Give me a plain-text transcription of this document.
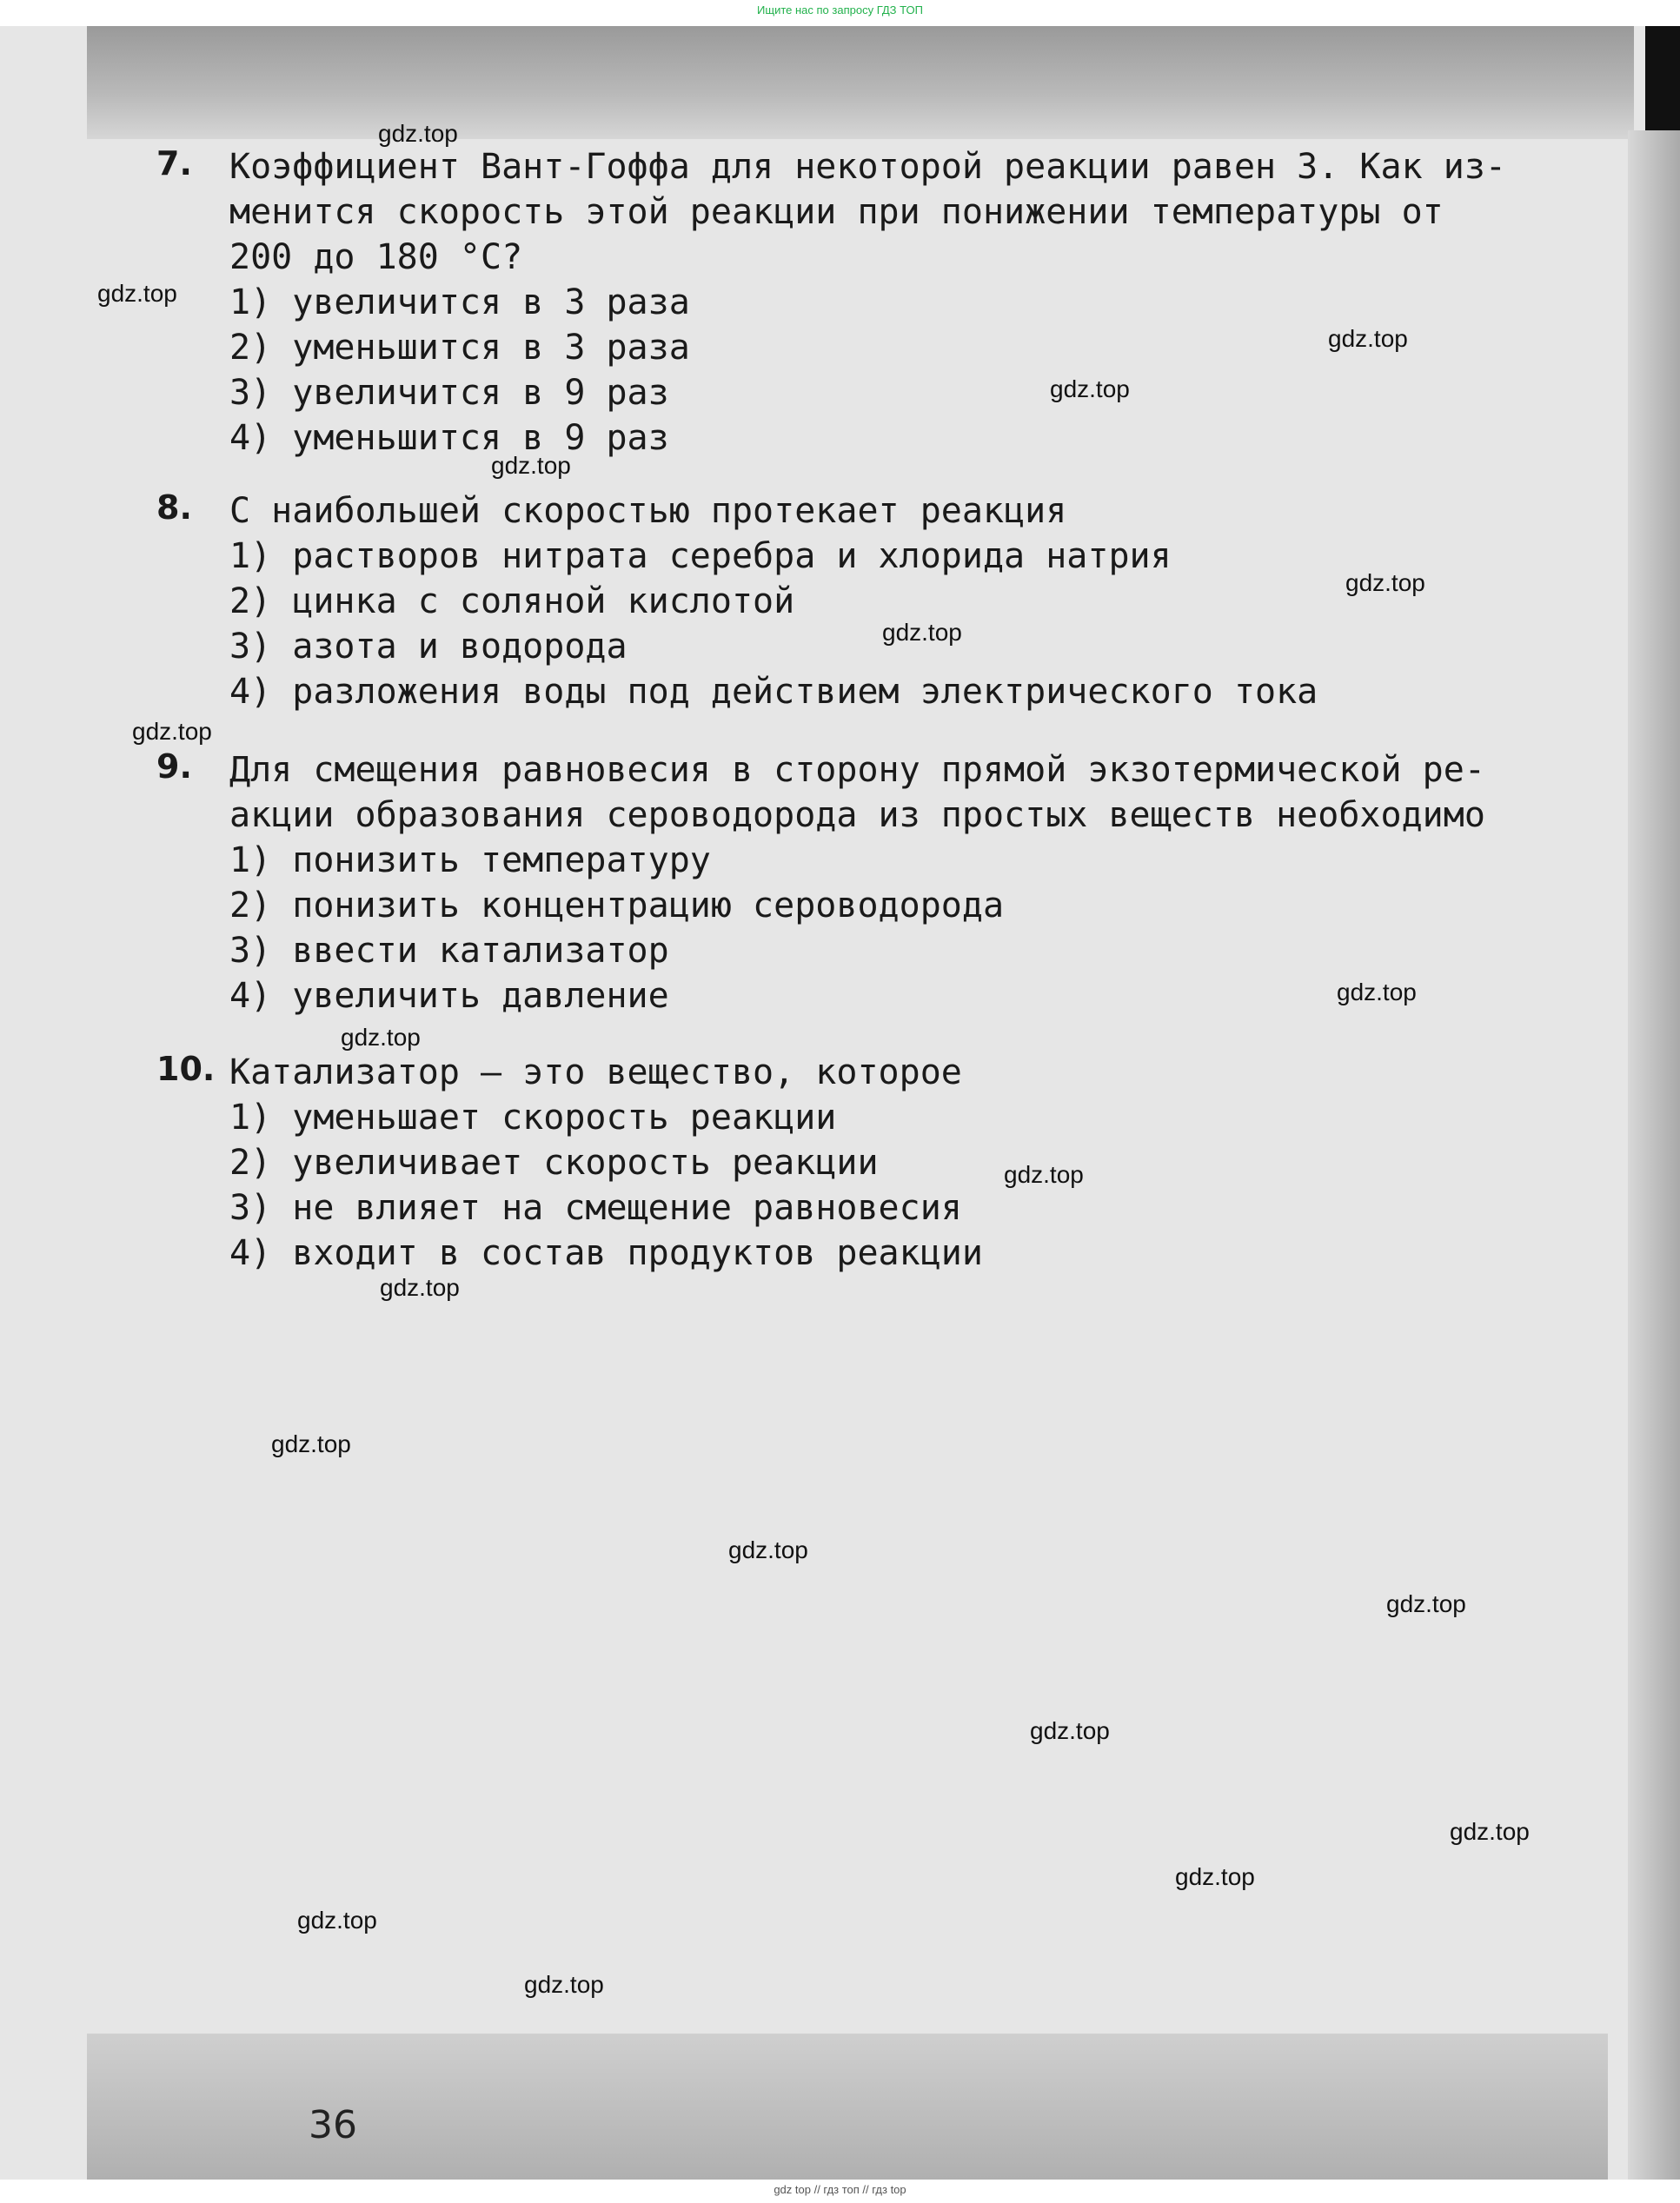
Ищите нас по запросу ГДЗ ТОП
7. Коэффициент Вант-Гоффа для некоторой реакции равен 3. Как из-
менится скорость этой реакции при понижении температуры от
200 до 180 °С?
1) увеличится в 3 раза
2) уменьшится в 3 раза
3) увеличится в 9 раз
4) уменьшится в 9 раз
8. С наибольшей скоростью протекает реакция
1) растворов нитрата серебра и хлорида натрия
2) цинка с соляной кислотой
3) азота и водорода
4) разложения воды под действием электрического тока
9. Для смещения равновесия в сторону прямой экзотермической ре-
акции образования сероводорода из простых веществ необходимо
1) понизить температуру
2) понизить концентрацию сероводорода
3) ввести катализатор
4) увеличить давление
10. Катализатор — это вещество, которое
1) уменьшает скорость реакции
2) увеличивает скорость реакции
3) не влияет на смещение равновесия
4) входит в состав продуктов реакции
36
gdz.top
gdz.top
gdz.top
gdz.top
gdz.top
gdz.top
gdz.top
gdz.top
gdz.top
gdz.top
gdz.top
gdz.top
gdz.top
gdz.top
gdz.top
gdz.top
gdz.top
gdz.top
gdz.top
gdz.top
gdz top // гдз топ // гдз top
